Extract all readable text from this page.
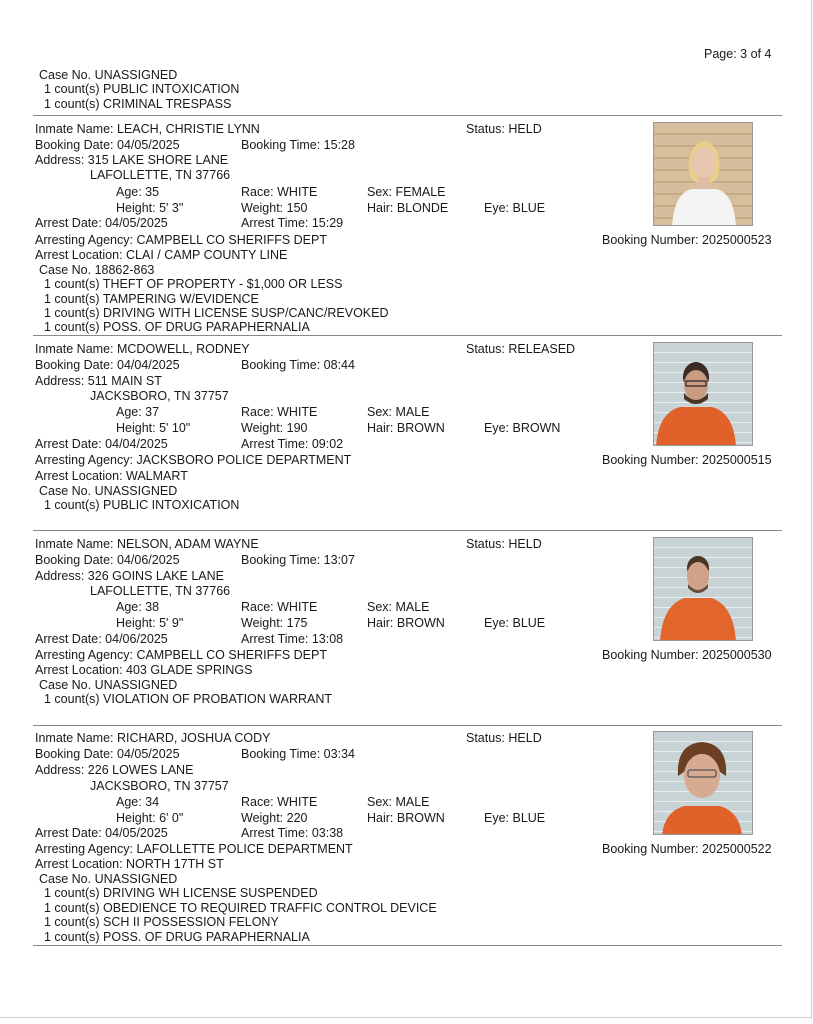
Page: 3 of 4
Case No. UNASSIGNED
1 count(s) PUBLIC INTOXICATION
1 count(s) CRIMINAL TRESPASS
Inmate Name: LEACH, CHRISTIE LYNN	Status: HELD
Booking Date: 04/05/2025	Booking Time: 15:28
Address: 315 LAKE SHORE LANE
LAFOLLETTE, TN 37766
Age: 35	Race: WHITE	Sex: FEMALE
Height: 5' 3"	Weight: 150	Hair: BLONDE	Eye: BLUE
Arrest Date: 04/05/2025	Arrest Time: 15:29
Arresting Agency: CAMPBELL CO SHERIFFS DEPT	Booking Number: 2025000523
Arrest Location: CLAI / CAMP COUNTY LINE
Case No. 18862-863
1 count(s) THEFT OF PROPERTY - $1,000 OR LESS
1 count(s) TAMPERING W/EVIDENCE
1 count(s) DRIVING WITH LICENSE SUSP/CANC/REVOKED
1 count(s) POSS. OF DRUG PARAPHERNALIA
Inmate Name: MCDOWELL, RODNEY	Status: RELEASED
Booking Date: 04/04/2025	Booking Time: 08:44
Address: 511 MAIN ST
JACKSBORO, TN 37757
Age: 37	Race: WHITE	Sex: MALE
Height: 5' 10"	Weight: 190	Hair: BROWN	Eye: BROWN
Arrest Date: 04/04/2025	Arrest Time: 09:02
Arresting Agency: JACKSBORO POLICE DEPARTMENT	Booking Number: 2025000515
Arrest Location: WALMART
Case No. UNASSIGNED
1 count(s) PUBLIC INTOXICATION
Inmate Name: NELSON, ADAM WAYNE	Status: HELD
Booking Date: 04/06/2025	Booking Time: 13:07
Address: 326 GOINS LAKE LANE
LAFOLLETTE, TN 37766
Age: 38	Race: WHITE	Sex: MALE
Height: 5' 9"	Weight: 175	Hair: BROWN	Eye: BLUE
Arrest Date: 04/06/2025	Arrest Time: 13:08
Arresting Agency: CAMPBELL CO SHERIFFS DEPT	Booking Number: 2025000530
Arrest Location: 403 GLADE SPRINGS
Case No. UNASSIGNED
1 count(s) VIOLATION OF PROBATION WARRANT
Inmate Name: RICHARD, JOSHUA CODY	Status: HELD
Booking Date: 04/05/2025	Booking Time: 03:34
Address: 226 LOWES LANE
JACKSBORO, TN 37757
Age: 34	Race: WHITE	Sex: MALE
Height: 6' 0"	Weight: 220	Hair: BROWN	Eye: BLUE
Arrest Date: 04/05/2025	Arrest Time: 03:38
Arresting Agency: LAFOLLETTE POLICE DEPARTMENT	Booking Number: 2025000522
Arrest Location: NORTH 17TH ST
Case No. UNASSIGNED
1 count(s) DRIVING WH LICENSE SUSPENDED
1 count(s) OBEDIENCE TO REQUIRED TRAFFIC CONTROL DEVICE
1 count(s) SCH II POSSESSION FELONY
1 count(s) POSS. OF DRUG PARAPHERNALIA
